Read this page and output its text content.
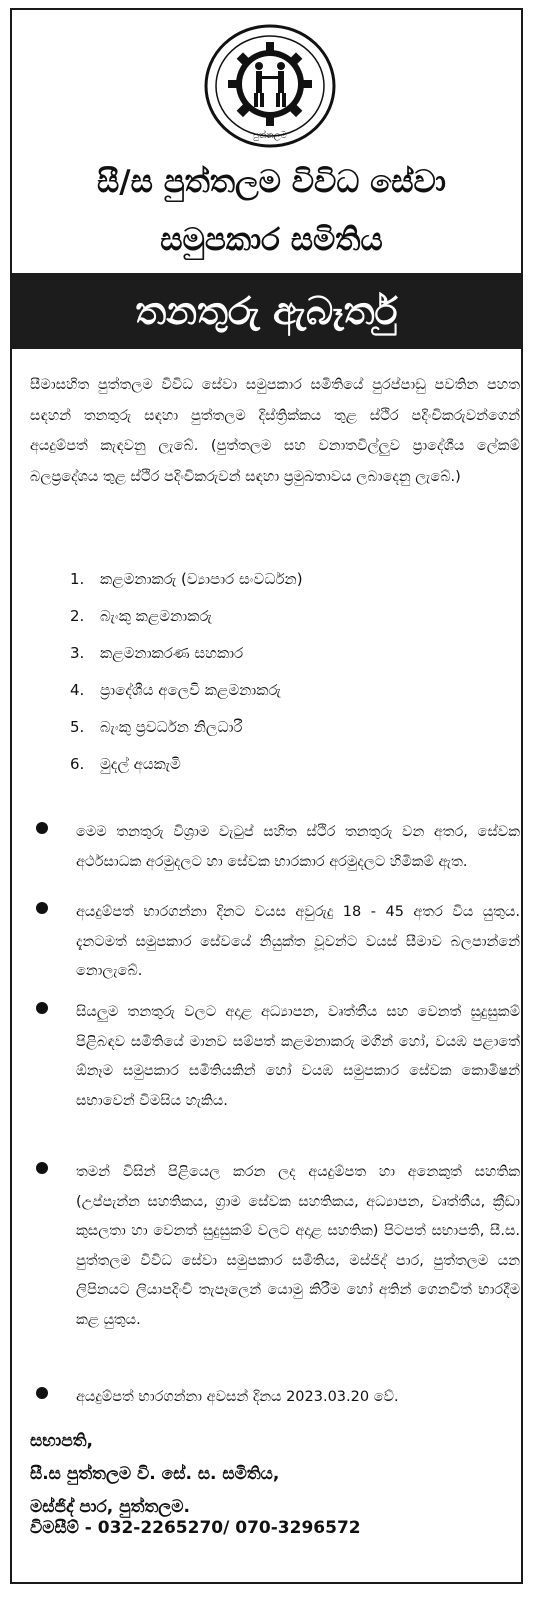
පුත්තලම
සී/ස පුත්තලම විවිධ සේවා
සමුපකාර සමිතිය
තනතුරු ඇබෑර්තු
සීමාසහිත පුත්තලම විවිධ සේවා සමුපකාර සමිතියේ පුරප්පාඩු පවතින පහත සඳහන් තනතුරු සඳහා පුත්තලම දිස්ත්‍රික්කය තුළ ස්ථිර පදිංචිකරුවන්ගෙන් අයදුම්පත් කැඳවනු ලැබේ. (පුත්තලම සහ වනාතවිල්ලුව ප්‍රාදේශීය ලේකම් බලප්‍රදේශය තුළ ස්ථිර පදිංචිකරුවන් සඳහා ප්‍රමුඛතාවය ලබාදෙනු ලැබේ.)
1.	කළමනාකරු (ව්‍යාපාර සංවර්ධන)
2.	බැංකු කළමනාකරු
3.	කළමනාකරණ සහකාර
4.	ප්‍රාදේශීය අලෙවි කළමනාකරු
5.	බැංකු ප්‍රවර්ධන නිලධාරී
6.	මුදල් අයකැමි
මෙම තනතුරු විශ්‍රාම වැටුප් සහිත ස්ථිර තනතුරු වන අතර, සේවක අර්ථසාධක අරමුදලට හා සේවක භාරකාර අරමුදලට හිමිකම් ඇත.
අයදුම්පත් භාරගන්නා දිනට වයස අවුරුදු 18 - 45 අතර විය යුතුය. දැනටමත් සමුපකාර සේවයේ නියුක්ත වූවන්ට වයස් සීමාව බලපාන්නේ නොලැබේ.
සියලුම තනතුරු වලට අදාළ අධ්‍යාපන, වෘත්තීය සහ වෙනත් සුදුසුකම් පිළිබඳව සමිතියේ මානව සම්පත් කළමනාකරු මගින් හෝ, වයඹ පළාතේ ඕනෑම සමුපකාර සමිතියකින් හෝ වයඹ සමුපකාර සේවක කොමිෂන් සභාවෙන් විමසිය හැකිය.
තමන් විසින් පිළියෙල කරන ලද අයදුම්පත හා අනෙකුත් සහතික (උප්පැන්න සහතිකය, ග්‍රාම සේවක සහතිකය, අධ්‍යාපන, වෘත්තීය, ක්‍රීඩා කුසලතා හා වෙනත් සුදුසුකම් වලට අදාළ සහතික) පිටපත් සභාපති, සී.ස. පුත්තලම විවිධ සේවා සමුපකාර සමිතිය, මස්ජිද් පාර, පුත්තලම යන ලිපිනයට ලියාපදිංචි තැපෑලෙන් යොමු කිරීම හෝ අතින් ගෙනවිත් භාරදීම කළ යුතුය.
අයදුම්පත් භාරගන්නා අවසන් දිනය 2023.03.20 වේ.
සභාපති,
සී.ස පුත්තලම වි. සේ. ස. සමිතිය,
මස්ජිද් පාර, පුත්තලම.
විමසීම් - 032-2265270/ 070-3296572
